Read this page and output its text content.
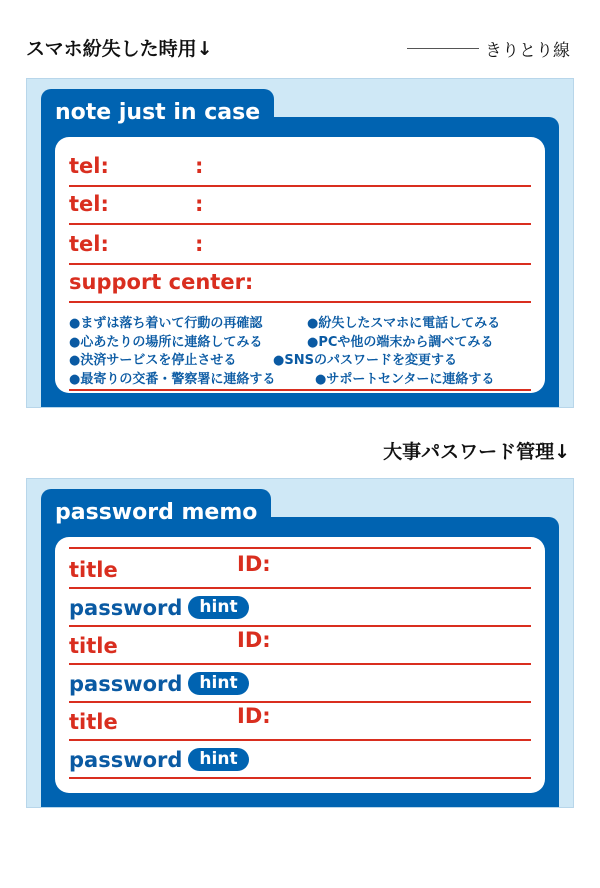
スマホ紛失した時用↓	きりとり線
note just in case
tel:	:
tel:	:
tel:	:
support center:
●まずは落ち着いて行動の再確認	●紛失したスマホに電話してみる
●心あたりの場所に連絡してみる	●PCや他の端末から調べてみる
●決済サービスを停止させる	●SNSのパスワードを変更する
●最寄りの交番・警察署に連絡する	●サポートセンターに連絡する
大事パスワード管理↓
password memo
title	ID:
password	hint
title	ID:
password	hint
title	ID:
password	hint
